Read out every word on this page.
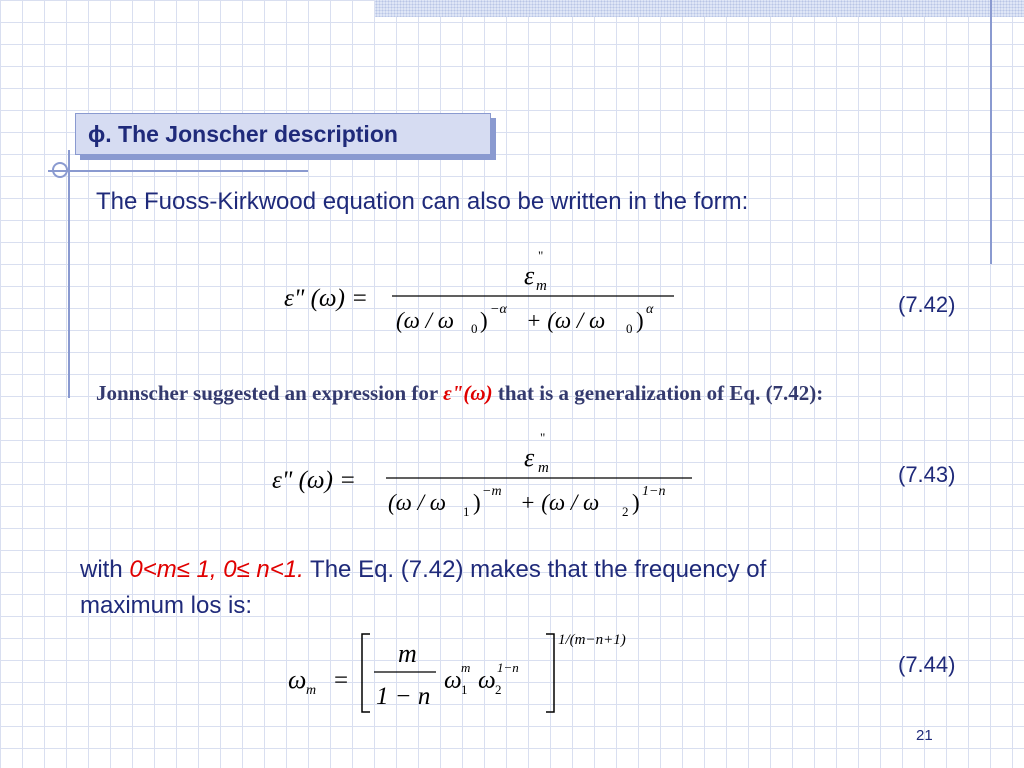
ϕ. The Jonscher description
The Fuoss-Kirkwood equation can also be written in the form:
ε" (ω) =
ε
"
m
(ω / ω 0 ) −α + (ω / ω 0 ) α	(7.42)
Jonnscher suggested an expression for ε"(ω) that is a generalization of Eq. (7.42):
ε" (ω) =
ε
"
m
(ω / ω 1 ) −m + (ω / ω 2 ) 1−n
(7.43)
with 0<m≤ 1, 0≤ n<1. The Eq. (7.42) makes that the frequency of
maximum los is:
ω m =
m
1 − n
ω 1
m ω 2
1−n
1/(m−n+1)
(7.44)
21
